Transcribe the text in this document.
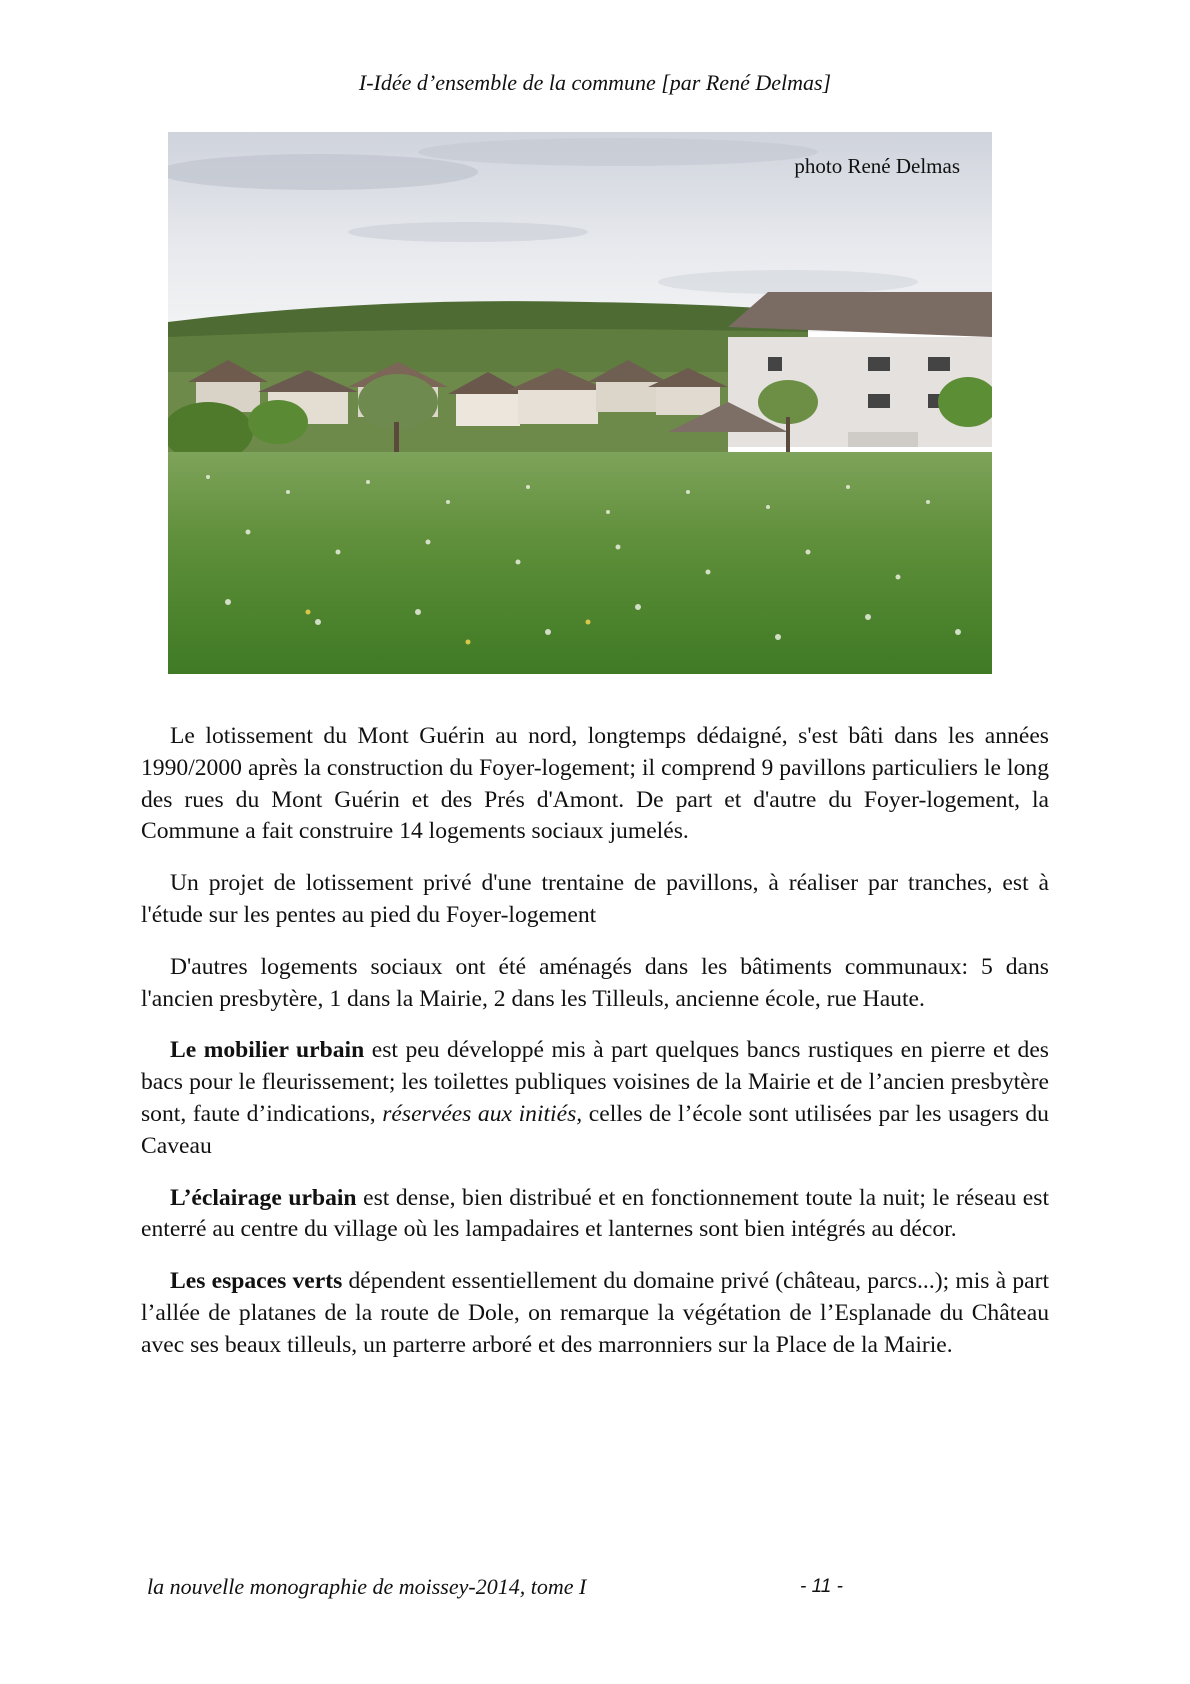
I-Idée d’ensemble de la commune [par René Delmas]
photo René Delmas

Le lotissement du Mont Guérin au nord, longtemps dédaigné, s'est bâti dans les années 1990/2000 après la construction du Foyer-logement; il comprend 9 pavillons particuliers le long des rues du Mont Guérin et des Prés d'Amont. De part et d'autre du Foyer-logement, la Commune a fait construire 14 logements sociaux jumelés.

Un projet de lotissement privé d'une trentaine de pavillons, à réaliser par tranches, est à l'étude sur les pentes au pied du Foyer-logement

D'autres logements sociaux ont été aménagés dans les bâtiments communaux: 5 dans l'ancien presbytère, 1 dans la Mairie, 2 dans les Tilleuls, ancienne école, rue Haute.

Le mobilier urbain est peu développé mis à part quelques bancs rustiques en pierre et des bacs pour le fleurissement; les toilettes publiques voisines de la Mairie et de l’ancien presbytère sont, faute d’indications, réservées aux initiés, celles de l’école sont utilisées par les usagers du Caveau

L’éclairage urbain est dense, bien distribué et en fonctionnement toute la nuit; le réseau est enterré au centre du village où les lampadaires et lanternes sont bien intégrés au décor.

Les espaces verts dépendent essentiellement du domaine privé (château, parcs...); mis à part l’allée de platanes de la route de Dole, on remarque la végétation de l’Esplanade du Château avec ses beaux tilleuls, un parterre arboré et des marronniers sur la Place de la Mairie.

la nouvelle monographie de moissey-2014, tome I	- 11 -
